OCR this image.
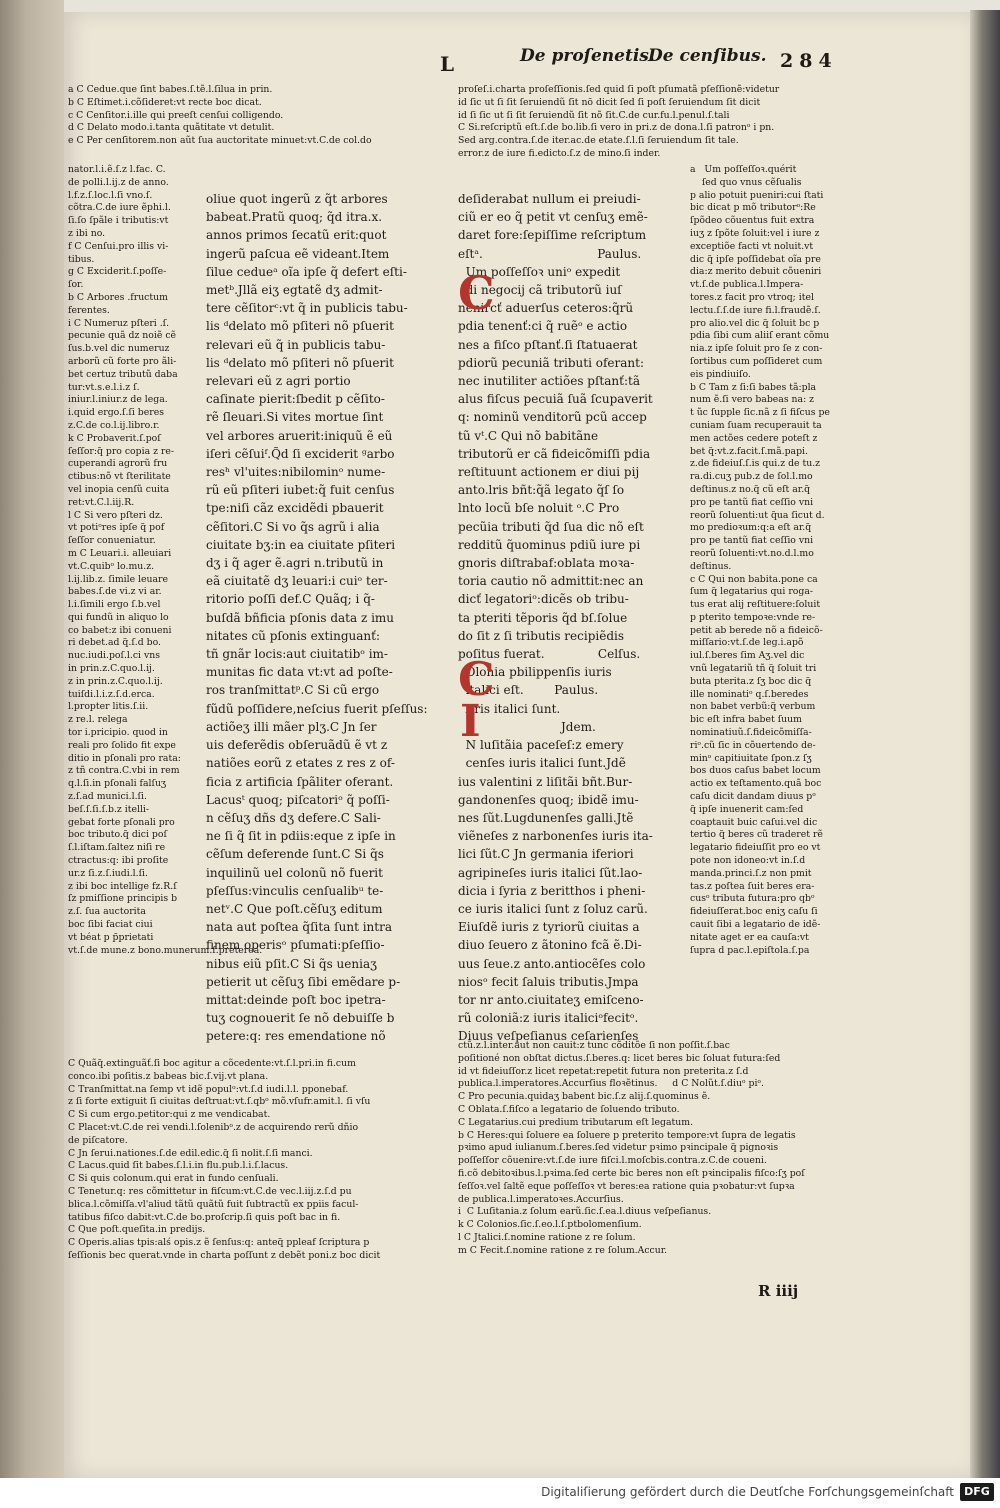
L	De proſenetis.
De cenſibus. 284
a C Cedue.que ſint babes.ſ.tẽ.l.ſilua in prin.
b C Eſtimet.i.cõſideret:vt recte boc dicat.
c C Cenſitor.i.ille qui preeſt cenſui colligendo.
d C Delato modo.i.tanta quãtitate vt detulit.
e C Per cenſitorem.non aũt ſua auctoritate minuet:vt.C.de col.do
nator.l.i.ẽ.ſ.z l.fac. C.
de polli.l.ij.z de anno.
l.f.z.ſ.loc.l.ſi vno.ſ.
cõtra.C.de iure ẽphi.l.
ſi.ſo ſpãle i tributis:vt
z ibi no.
f C Cenſui.pro illis vi-
tibus.
g C Exciderit.ſ.poſſe-
ſor.
b C Arbores .fructum
ferentes.
i C Numeruz pſteri .ſ.
pecunie quã dz noiẽ cẽ
ſus.b.vel dic numeruz
arborũ cũ forte pro ãli-
bet certuz tributũ daba
tur:vt.s.e.l.i.z ſ.
iniur.l.iniur.z de lega.
i.quid ergo.ſ.ſi beres
z.C.de co.l.ij.libro.r.
k C Probaverit.ſ.poſ
ſeſſor:q̃ pro copia z re-
cuperandi agrorũ fru
ctibus:nõ vt ſterilitate
vel inopia cenſũ cuita
ret:vt.C.l.iij.R.
l C Si vero pſteri dz.
vt potiᵒres ipſe q̃ pof
ſeſſor conueniatur.
m C Leuari.i. alleuiari
vt.C.quibᵒ lo.mu.z.
l.ij.lib.z. ſimile leuare
babes.ſ.de vi.z vi ar.
l.i.ſimili ergo ſ.b.vel
qui fundũ in aliquo lo
co babet:z ibi conueni
ri debet.ad q̃.ſ.d bo.
nuc.iudi.poſ.l.ci vns
in prin.z.C.quo.l.ij.
z in prin.z.C.quo.l.ij.
tuiſdi.l.i.z.ſ.d.erca.
l.propter litis.ſ.ii.
z re.l. relega
tor i.pricipio. quod in
reali pro ſolido fit expe
ditio in pſonali pro rata:
z tñ contra.C.vbi in rem
q.l.ſi.in pſonali falſuʒ
z.ſ.ad munici.l.ſi.
beſ.ſ.ſi.ſ.b.z itelli-
gebat forte pſonali pro
boc tributo.q̃ dici poſ
ſ.l.iſtam.ſaltez niſi re
ctractus:q: ibi proſite
ur.z ſi.z.ſ.iudi.l.ſi.
z ibi boc intellige fz.R.ſ
ſz pmiſſione principis b
z.ſ. ſua auctorita
boc ſibi faciat ciui
vt béat p p̃prietati
vt.ſ.de mune.z bono.munerum.ſ.preterea.
oliue quot ingerũ z q̃t arbores
babeat.Pratũ quoq; q̃d itra.x.
annos primos ſecatũ erit:quot
ingerũ paſcua eẽ videant.Item
ſilue cedueᵃ oĩa ipſe q̃ defert eſti-
metᵇ.Jllã eiʒ egtatẽ dʒ admit-
tere cẽſitorᶜ:vt q̃ in publicis tabu-
lis ᵈdelato mõ pſiteri nõ pſuerit
relevari eũ q̃ in publicis tabu-
lis ᵈdelato mõ pſiteri nõ pſuerit
relevari eũ z agri portio
caſinate pierit:ſbedit p cẽſito-
rẽ ſleuari.Si vites mortue ſint
vel arbores aruerit:iniquũ ẽ eũ
iſeri cẽſuiᶠ.Q̃d ſi exciderit ᵍarbo
resʰ vl'uites:nibilominᵒ nume-
rũ eũ pſiteri iubet:q̃ fuit cenſus
tpe:niſi cãz excidẽdi pbauerit
cẽſitori.C Si vo q̃s agrũ i alia
ciuitate bʒ:in ea ciuitate pſiteri
dʒ i q̃ ager ẽ.agri n.tributũ in
eã ciuitatẽ dʒ leuari:i cuiᵒ ter-
ritorio poſſi def.C Quãq; i q̃-
buſdã bñficia pſonis data z imu
nitates cũ pſonis extinguanť:
tñ gnãr locis:aut ciuitatibᵒ im-
munitas fic data vt:vt ad poſte-
ros tranſmittatᵖ.C Si cũ ergo
fũdũ poſſidere,neſcius fuerit pſeſſus:
actiõeʒ illi mãer plʒ.C Jn ſer
uis deferẽdis obſeruãdũ ẽ vt z
natiões eorũ z etates z res z of-
ficia z artificia ſpãliter oferant.
Lacusᵗ quoq; piſcatoriᵒ q̃ poſſi-
n cẽſuʒ dñs dʒ defere.C Sali-
ne ſi q̃ ſit in pdiis:eque z ipſe in
cẽſum deferende ſunt.C Si q̃s
inquilinũ uel colonũ nõ fuerit
pſeſſus:vinculis cenſualibᵘ te-
netᵛ.C Que poſt.cẽſuʒ editum
nata aut poſtea q̃ſita ſunt intra
finem operisᵒ pſumati:pſeſſio-
nibus eiũ pſit.C Si q̃s ueniaʒ
petierit ut cẽſuʒ ſibi emẽdare p-
mittat:deinde poſt boc ipetra-
tuʒ cognouerit ſe nõ debuiſſe b
petere:q: res emendatione nõ
C Quãq̃.extinguãť.ſi boc agitur a cõcedente:vt.ſ.l.pri.in fi.cum
conco.ibi poſitis.z babeas bic.ſ.vij.vt plana.
C Tranſmittat.na ſemp vt idẽ populᵒ:vt.ſ.d iudi.l.l. pponebaf.
z ſi forte extiguit ſi ciuitas deſtruat:vt.ſ.qbᵒ mõ.vſufr.amit.l. ſi vſu
C Si cum ergo.petitor:qui z me vendicabat.
C Placet:vt.C.de rei vendi.l.ſolenibᵒ.z de acquirendo rerũ dñio
de piſcatore.
C Jn ſerui.nationes.ſ.de edil.edic.q̃ ſi nolit.ſ.ſi manci.
C Lacus.quid ſit babes.ſ.l.i.in flu.pub.l.i.ſ.lacus.
C Si quis colonum.qui erat in fundo cenſuali.
C Tenetur.q: res cõmittetur in fiſcum:vt.C.de vec.l.iij.z.ſ.d pu
blica.l.cõmiſſa.vl'aliud tãtũ quãtũ fuit ſubtractũ ex ppiis facul-
tatibus fiſco dabit:vt.C.de bo.proſcrip.ſi quis poſt bac in fi.
C Que poſt.queſita.in predijs.
C Operis.alias tpis:alś opis.z ẽ ſenſus:q: anteq̃ ppleaf ſcriptura p
ſeſſionis bec querat.vnde in charta poſſunt z debẽt poni.z boc dicit
proſeſ.i.charta proſeſſionis.ſed quid ſi poſt pſumatã pſeſſionẽ:videtur
id ſic ut ſi ſit ſeruiendũ ſit nō dicit ſed ſi poſt ſeruiendum ſit dicit
id ſi ſic ut ſi ſit ſeruiendũ ſit nõ ſit.C.de cur.fu.l.penul.ſ.tali
C Si.reſcriptũ eſt.ſ.de bo.lib.ſi vero in pri.z de dona.l.ſi patronᵒ i pn.
Sed arg.contra.ſ.de iter.ac.de etate.ſ.l.ſi ſeruiendum ſit tale.
error.z de iure fi.edicto.ſ.z de mino.ſi inder.
deſiderabat nullum ei preiudi-
ciũ er eo q̃ petit vt cenſuʒ emẽ-
daret fore:ſepiſſime reſcriptum
eſtᵃ.                              Paulus.
Um poſſeſſoꝛ uniᵒ expedit
di negocij cã tributorũ iuſ
nenircť aduerſus ceteros:q̃rũ
pdia tenenť:ci q̃ ruẽᵒ e actio
nes a fiſco pſtanť.ſi ſtatuaerat
pdiorũ pecuniã tributi oferant:
nec inutiliter actiões pſtanť:tã
alus fiſcus pecuiã ſuã ſcupaverit
q: nominũ venditorũ pcũ accep
tũ vᵗ.C Qui nõ babitãne
tributorũ er cã fideicõmiſſi pdia
reſtituunt actionem er diui pij
anto.lris bñt:q̃ã legato q̃ſ ſo
lnto locũ bſe noluit ᵒ.C Pro
pecũia tributi q̃d ſua dic nõ eſt
redditũ q̃uominus pdiũ iure pi
gnoris diſtrabaf:oblata moꝛa-
toria cautio nõ admittit:nec an
dicť legatoriᵒ:dicẽs ob tribu-
ta pteriti tẽporis q̃d bſ.ſolue
do ſit z ſi tributis recipiẽdis
poſitus fuerat.              Celſus.
Olonia pbilippenſis iuris
italici eſt.        Paulus.
Aris italici ſunt.
Jdem.
N luſitãia paceſeſ:z emery
cenſes iuris italici ſunt.Jdẽ
ius valentini z liſitãi bñt.Bur-
gandonenſes quoq; ibidẽ imu-
nes ſũt.Lugdunenſes galli.Jtẽ
viẽneſes z narbonenſes iuris ita-
lici ſũt.C Jn germania iferiori
agripineſes iuris italici ſũt.lao-
dicia i ſyria z beritthos i pheni-
ce iuris italici ſunt z ſoluz carũ.
Eiuſdẽ iuris z tyriorũ ciuitas a
diuo ſeuero z ãtonino fcã ẽ.Di-
uus ſeue.z anto.antiocẽſes colo
niosᵒ fecit ſaluis tributis.Jmpa
tor nr anto.ciuitateʒ emiſceno-
rũ coloniã:z iuris italiciᵒfecitᵒ.
Diuus veſpeſianus ceſarienſes
a   Um poſſeſſoꝛ.quérit
ſed quo vnus cẽſualis
p alio potuit pueniri:cui ſtati
bic dicat p mõ tributorᵒ:Re
ſpõdeo cõuentus fuit extra
iuʒ z ſpõte ſoluit:vel i iure z
exceptiõe facti vt noluit.vt
dic q̃ ipſe poſſidebat oĩa pre
dia:z merito debuit cõueniri
vt.ſ.de publica.l.Impera-
tores.z facit pro vtroq; itel
lectu.ſ.ſ.de iure fi.l.fraudẽ.ſ.
pro alio.vel dic q̃ ſoluit bc p
pdia ſibi cum aliiſ erant cõmu
nia.z ipſe ſoluit pro ſe z con-
ſortibus cum poſſideret cum
eis pindiuiſo.
b C Tam z ſi:ſi babes tã:pla
num ẽ.ſi vero babeas na: z
t ũc ſupple ſic.nã z ſi fiſcus pe
cuniam ſuam recuperauit ta
men actões cedere poteſt z
bet q̃:vt.z.facit.ſ.mã.papi.
z.de fideiuſ.ſ.is qui.z de tu.z
ra.di.cuʒ pub.z de ſol.l.mo
deſtinus.z no.q̃ cũ eſt ar.q̃
pro pe tantũ fiat ceſſio vni
reorũ ſoluenti:ut q̃ua ſicut d.
mo predioꝛum:q:a eſt ar.q̃
pro pe tantũ fiat ceſſio vni
reorũ ſoluenti:vt.no.d.l.mo
deſtinus.
c C Qui non babita.pone ca
ſum q̃ legatarius qui roga-
tus erat alij reſtituere:ſoluit
p pterito tempoꝛe:vnde re-
petit ab berede nõ a fideicõ-
miſſario:vt.ſ.de leg.i.apõ
iul.ſ.beres ſim Aʒ.vel dic
vnũ legatariũ tñ q̃ ſoluit tri
buta pterita.z ſʒ boc dic q̃
ille nominatiᵒ q.ſ.beredes
non babet verbũ:q̃ verbum
bic eſt infra babet ſuum
nominatiuũ.ſ.fideicõmiſſa-
riᵒ.cũ ſic in cõuertendo de-
minᵒ capitiuitate ſpon.z ſʒ
bos duos caſus babet locum
actio ex teſtamento.quã boc
caſu dicit dandam diuus pᵒ
q̃ ipſe inuenerit cam:ſed
coaptauit buic caſui.vel dic
tertio q̃ beres cũ traderet rẽ
legatario fideiuſſit pro eo vt
pote non idoneo:vt in.ſ.d
manda.princi.ſ.z non pmit
tas.z poſtea ſuit beres era-
cusᵒ tributa futura:pro qbᵒ
fideiuſſerat.boc eniʒ caſu ſi
cauit ſibi a legatario de idẽ-
nitate aget er ea cauſa:vt
ſupra d pac.l.epiſtola.ſ.pa
ctũ.z.l.inter.aut non cauit:z tunc cõditõe ſi non poſſit.ſ.bac
poſitioné non obſtat dictus.ſ.beres.q: licet beres bic ſoluat futura:ſed
id vt fideiuſſor.z licet repetat:repetit futura non preterita.z ſ.d
publica.l.imperatores.Accurſius floꝛẽtinus.     d C Nolũt.ſ.diuᵒ piᵒ.
C Pro pecunia.quidaʒ babent bic.ſ.z alij.ſ.quominus ẽ.
C Oblata.ſ.fiſco a legatario de ſoluendo tributo.
C Legatarius.cui predium tributarum eſt legatum.
b C Heres:qui ſoluere ea ſoluere p preterito tempore:vt ſupra de legatis
pꝛimo apud iulianum.ſ.beres.ſed videtur pꝛimo pꝛincipale q̃ pignoꝛis
poſſeſſor cõuenire:vt.ſ.de iure fiſci.l.moſcbis.contra.z.C.de coueni.
fi.cõ debitoꝛibus.l.pꝛima.ſed certe bic beres non eſt pꝛincipalis fiſco:ſʒ poſ
ſeſſoꝛ.vel ſaltẽ eque poſſeſſoꝛ vt beres:ea ratione quia pꝛobatur:vt ſupꝛa
de publica.l.imperatoꝛes.Accurſius.
i  C Luſitania.z ſolum earũ.ſic.ſ.ea.l.diuus veſpeſianus.
k C Colonios.ſic.ſ.eo.l.ſ.ptbolomenſium.
l C Jtalici.ſ.nomine ratione z re ſolum.
m C Fecit.ſ.nomine ratione z re ſolum.Accur.
C
C
I
R iiij
Digitaliſierung gefördert durch die Deutſche Forſchungsgemeinſchaft DFG
